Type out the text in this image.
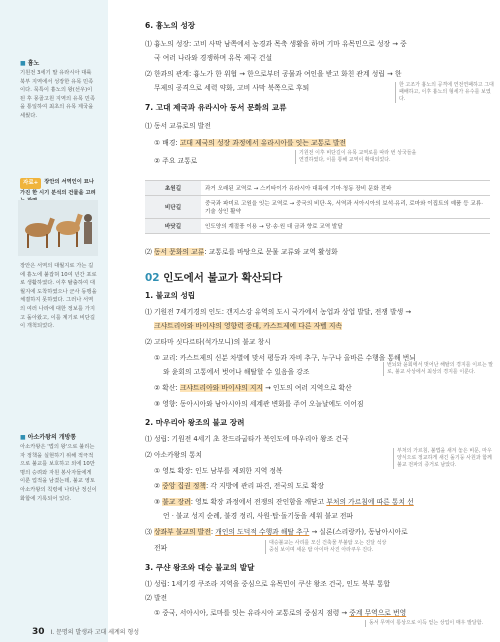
■ 흉노
기원전 3세기 말 유라시아 대륙 북부 지역에서 성장한 유목 민족이다. 묵특이 흉노의 왕(선우)이 된 후 몽골고원 지역의 유목 민족을 통일하여 최초의 유목 제국을 세웠다.
자료+ 장안의 서역인이 묘나가진 한 시기 분석의 건물을 고려
장안은 서역의 대월지로 가는 길에 흉노에 붙잡혀 10여 년간 포로로 생활하였다. 이후 탈출하여 대월지에 도착하였으나 군사 동맹을 체결하지 못하였다. 그러나 서역의 여러 나라에 대한 정보를 가지고 돌아왔고, 이를 계기로 비단길이 개척되었다.
■ 아소카왕의 개방통
아소카왕은 '법의 왕'으로 불리는 자 정책을 실현하기 위해 적극적으로 불교를 보호하고 외에 10만 명의 승려와 자원 봉사자들에게 이룬 업적을 남겼는데, 불교 영토 아소카왕의 칙령에 나타난 정신이 화합에 기록되어 있다.
6. 흉노의 성장
⑴ 흉노의 성장: 고비 사막 남쪽에서 농경과 목축 생활을 하며 기마 유목민으로 성장 → 중
국 여러 나라와 경쟁하며 유목 제국 건설
⑵ 한과의 관계: 흉노가 한 위협 → 한으로부터 공물과 여인을 받고 화친 관계 성립 → 한
무제의 공격으로 세력 약화, 고비 사막 북쪽으로 후퇴	한 고조가 흉노의 공격에 연전연패하고 그대 패배하고, 이후 흉노의 형세가 유수를 보였다.
7. 고대 제국과 유라시아 동서 문화의 교류
⑴ 동서 교류로의 발전
① 배경: 고대 제국의 성장 과정에서 유라시아를 잇는 교통로 발전
② 주요 교통로
기원전 이후 비단길이 유목 교역로를 따라 번 상국들을 연결하였다, 이를 통해 교역이 확대되었다.
초원길	과거 오래된 교역로 → 스키타이가 유라시아 대륙에 기마·청동 장비 문화 전파
비단길	중국과 파미르 고원을 잇는 교역로 → 중국의 비단·옥, 서역과 서아시아의 보석·유리, 로마와 이집트의 예품 등 교류·기술 상인 활약
바닷길	인도양의 계절풍 이용 → 당·송·원 대 금과 향료 교역 발달
⑵ 동서 문화의 교류: 교통로를 바탕으로 문물 교류와 교역 활성화
02 인도에서 불교가 확산되다
1. 불교의 성립
⑴ 기원전 7세기경의 인도: 갠지스강 유역의 도시 국가에서 농업과 상업 발달, 전쟁 발생 →
크샤트리아와 바이샤의 영향력 증대, 카스트제에 다른 자벨 지속
⑵ 고타마 싯다르타(석가모니)의 불교 창시
① 교리: 카스트제의 신분 차별에 맞서 평등과 자비 추구, 누구나 올바른 수행을 통해 번뇌
와 윤회의 고통에서 벗어나 해탈할 수 있음을 강조
② 확산: 크샤트리아와 바이샤의 지지 → 인도의 여러 지역으로 확산
③ 영향: 동아시아와 남아시아의 세계관 변화를 주어 오늘날에도 이어짐
번뇌와 윤회에서 벗어난 해탈의 경지를 이르는 말로, 불교 사상에서 최상의 경지를 이룬다.
2. 마우리아 왕조의 불교 장려
⑴ 성립: 기원전 4세기 초 찬드라굽타가 북인도에 마우리아 왕조 건국
⑵ 아소카왕의 통치
① 영토 확장: 인도 남부를 제외한 지역 정복
② 중앙 집권 정책: 각 지방에 관리 파견, 전국의 도로 확장
③ 불교 장려: 영토 확장 과정에서 전쟁의 잔인함을 깨닫고 부처의 가르침에 따른 통치 선
언 · 불교 성지 순례, 불경 정리, 사원·탑·돌기둥을 세워 불교 전파
⑶ 상좌부 불교의 발전: 개인의 도덕적 수행과 해탈 추구 → 실론(스리랑카), 동남아시아로
전파
부처의 가르침, 불법을 새겨 놓은 비문, 마우 양식으로 정교하게 새긴 돌기둥 사원과 함께 불교 전파의 증거로 남았다.
대승불교는 사리를 모신 건축물 부불탑 오는 진달 석상 중심 보이며 세운 탑 아이마 사진 아라쿠우 진다.
3. 쿠샨 왕조와 대승 불교의 발달
⑴ 성립: 1세기경 쿠조라 지역을 중심으로 유목민이 쿠샨 왕조 건국, 인도 북부 통합
⑵ 발전
① 중국, 서아시아, 로마를 잇는 유라시아 교통로의 중심지 점령 → 중계 무역으로 번영
동서 무역이 통상으로 이득 얻는 상업이 매우 발달함.
30 I. 문명의 발생과 고대 세계의 형성
